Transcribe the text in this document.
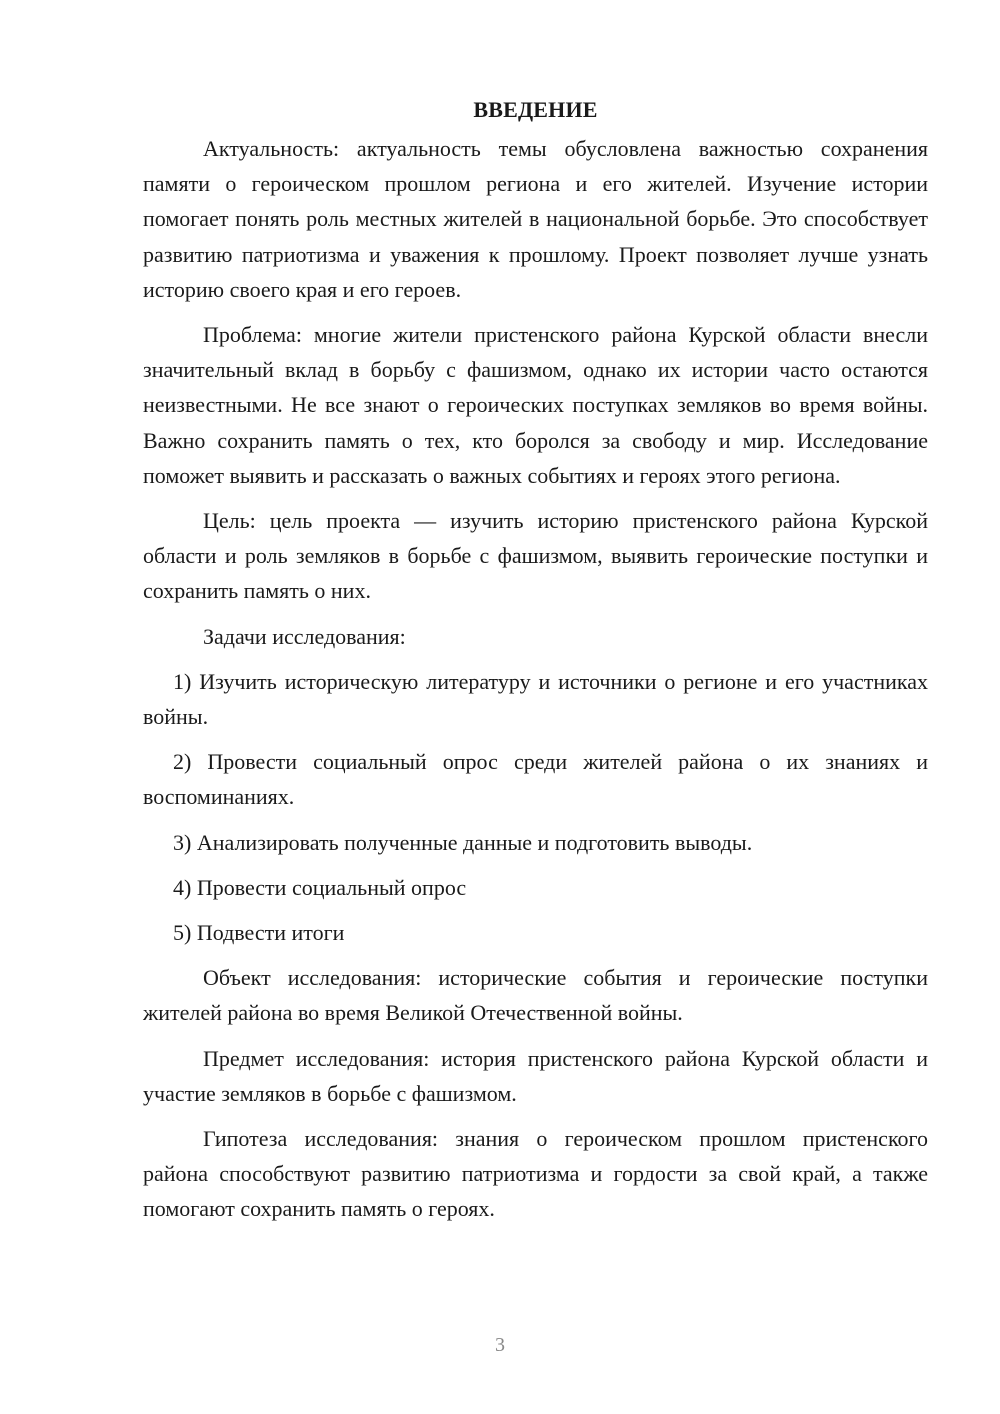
ВВЕДЕНИЕ

Актуальность: актуальность темы обусловлена важностью сохранения памяти о героическом прошлом региона и его жителей. Изучение истории помогает понять роль местных жителей в национальной борьбе. Это способствует развитию патриотизма и уважения к прошлому. Проект позволяет лучше узнать историю своего края и его героев.

Проблема: многие жители пристенского района Курской области внесли значительный вклад в борьбу с фашизмом, однако их истории часто остаются неизвестными. Не все знают о героических поступках земляков во время войны. Важно сохранить память о тех, кто боролся за свободу и мир. Исследование поможет выявить и рассказать о важных событиях и героях этого региона.

Цель: цель проекта — изучить историю пристенского района Курской области и роль земляков в борьбе с фашизмом, выявить героические поступки и сохранить память о них.

Задачи исследования:

1) Изучить историческую литературу и источники о регионе и его участниках войны.

2) Провести социальный опрос среди жителей района о их знаниях и воспоминаниях.

3) Анализировать полученные данные и подготовить выводы.

4) Провести социальный опрос

5) Подвести итоги

Объект исследования: исторические события и героические поступки жителей района во время Великой Отечественной войны.

Предмет исследования: история пристенского района Курской области и участие земляков в борьбе с фашизмом.

Гипотеза исследования: знания о героическом прошлом пристенского района способствуют развитию патриотизма и гордости за свой край, а также помогают сохранить память о героях.

3
